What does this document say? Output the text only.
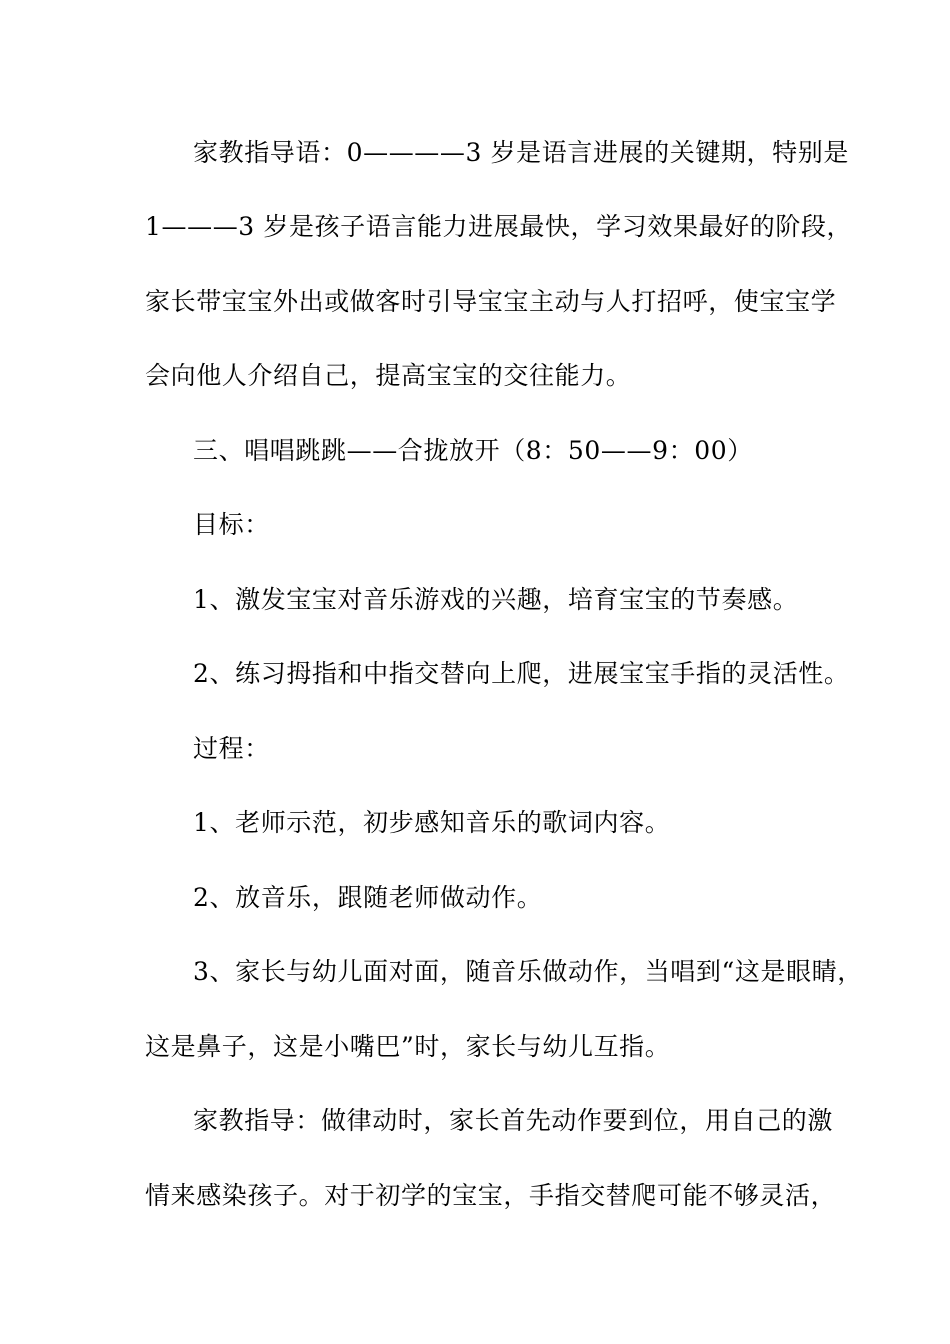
家教指导语：0————3 岁是语言进展的关键期，特别是
1———3 岁是孩子语言能力进展最快，学习效果最好的阶段，
家长带宝宝外出或做客时引导宝宝主动与人打招呼，使宝宝学
会向他人介绍自己，提高宝宝的交往能力。
三、唱唱跳跳——合拢放开（8：50——9：00）
目标：
1、激发宝宝对音乐游戏的兴趣，培育宝宝的节奏感。
2、练习拇指和中指交替向上爬，进展宝宝手指的灵活性。
过程：
1、老师示范，初步感知音乐的歌词内容。
2、放音乐，跟随老师做动作。
3、家长与幼儿面对面，随音乐做动作，当唱到“这是眼睛，
这是鼻子，这是小嘴巴”时，家长与幼儿互指。
家教指导：做律动时，家长首先动作要到位，用自己的激
情来感染孩子。对于初学的宝宝，手指交替爬可能不够灵活，
